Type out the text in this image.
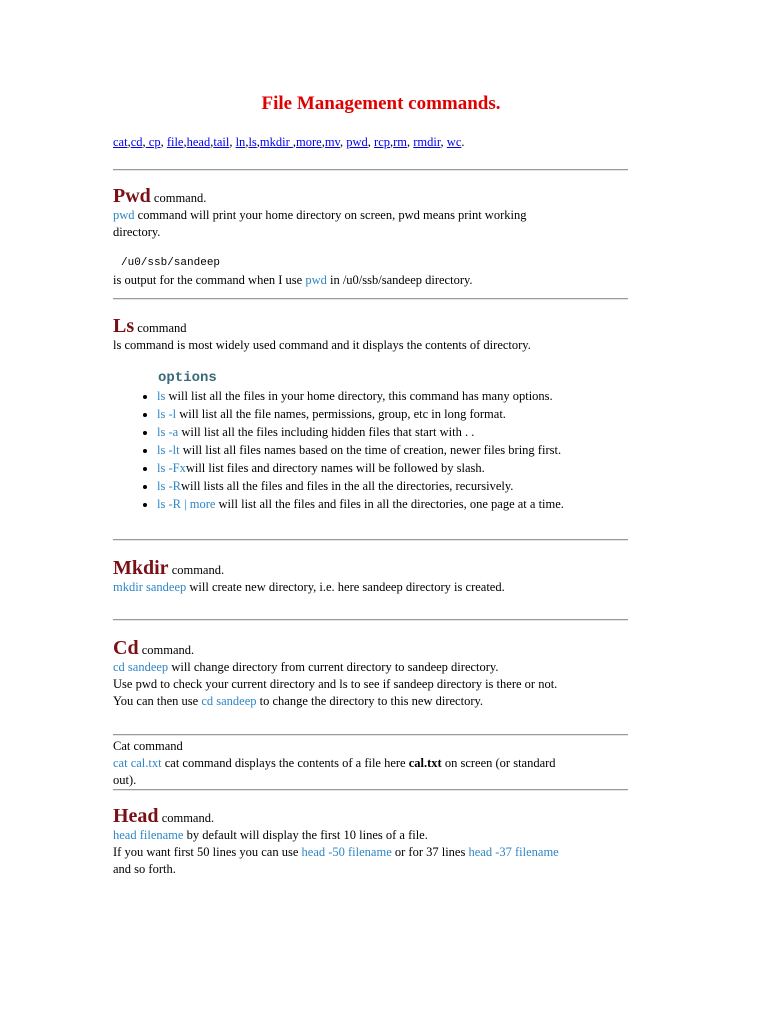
File Management commands.
cat,cd, cp, file,head,tail, ln,ls,mkdir ,more,mv, pwd, rcp,rm, rmdir, wc.
Pwd command.
pwd command will print your home directory on screen, pwd means print working
directory.
/u0/ssb/sandeep
is output for the command when I use pwd in /u0/ssb/sandeep directory.
Ls command
ls command is most widely used command and it displays the contents of directory.
options
• ls will list all the files in your home directory, this command has many options.
• ls -l will list all the file names, permissions, group, etc in long format.
• ls -a will list all the files including hidden files that start with . .
• ls -lt will list all files names based on the time of creation, newer files bring first.
• ls -Fxwill list files and directory names will be followed by slash.
• ls -Rwill lists all the files and files in the all the directories, recursively.
• ls -R | more will list all the files and files in all the directories, one page at a time.
Mkdir command.
mkdir sandeep will create new directory, i.e. here sandeep directory is created.
Cd command.
cd sandeep will change directory from current directory to sandeep directory.
Use pwd to check your current directory and ls to see if sandeep directory is there or not.
You can then use cd sandeep to change the directory to this new directory.
Cat command
cat cal.txt cat command displays the contents of a file here cal.txt on screen (or standard
out).
Head command.
head filename by default will display the first 10 lines of a file.
If you want first 50 lines you can use head -50 filename or for 37 lines head -37 filename
and so forth.
